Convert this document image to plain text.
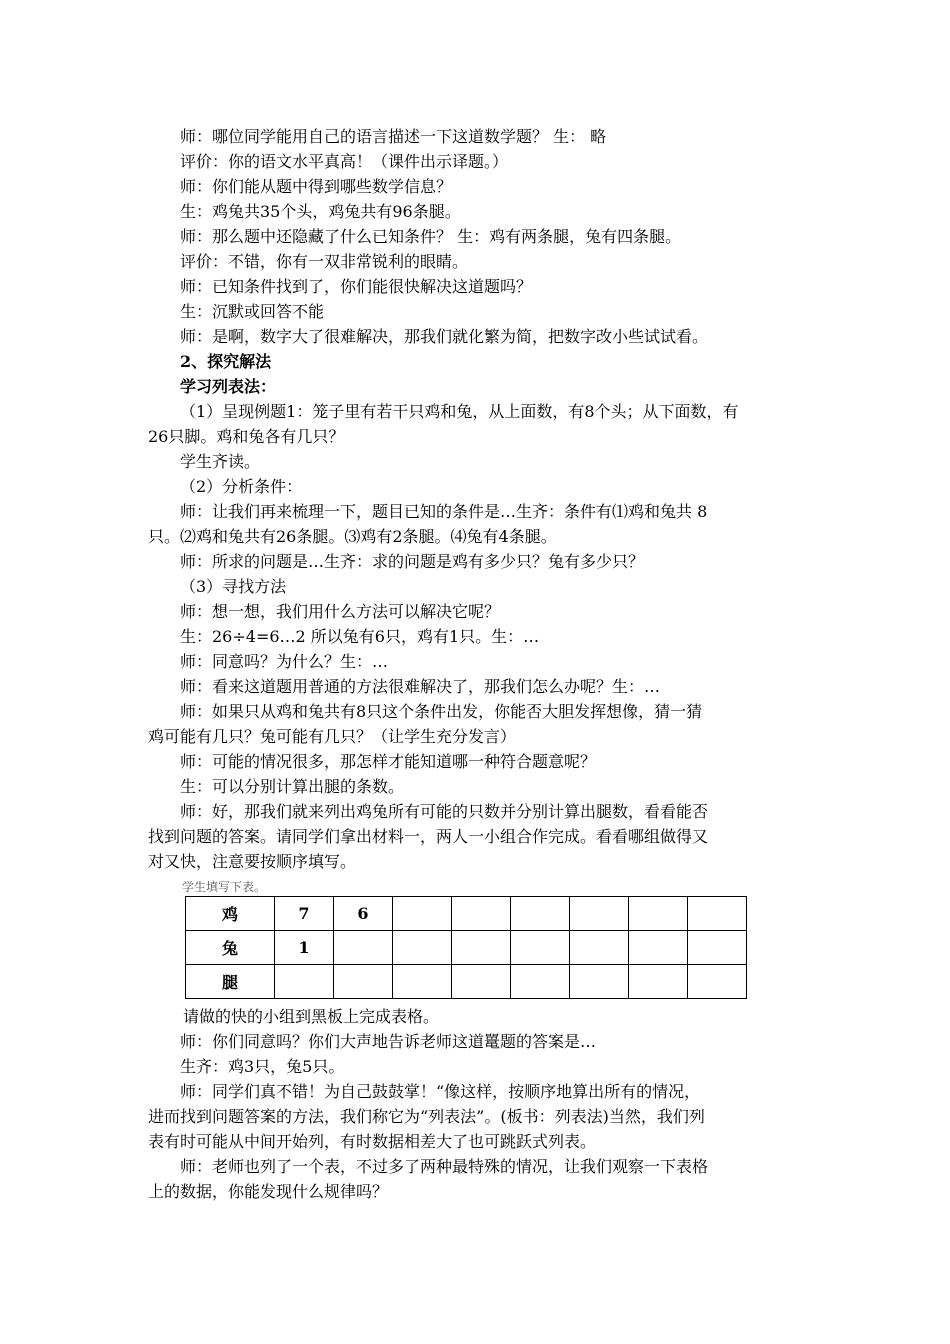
师：哪位同学能用自己的语言描述一下这道数学题？ 生： 略
评价：你的语文水平真高！（课件出示译题。）
师：你们能从题中得到哪些数学信息？
生：鸡兔共35个头，鸡兔共有96条腿。
师：那么题中还隐藏了什么已知条件？ 生：鸡有两条腿，兔有四条腿。
评价：不错，你有一双非常锐利的眼睛。
师：已知条件找到了，你们能很快解决这道题吗？
生：沉默或回答不能
师：是啊，数字大了很难解决，那我们就化繁为简，把数字改小些试试看。
2、探究解法
学习列表法：
（1）呈现例题1：笼子里有若干只鸡和兔，从上面数，有8个头；从下面数，有
26只脚。鸡和兔各有几只？
学生齐读。
（2）分析条件：
师：让我们再来梳理一下，题目已知的条件是…生齐：条件有⑴鸡和兔共 8
只。⑵鸡和兔共有26条腿。⑶鸡有2条腿。⑷兔有4条腿。
师：所求的问题是…生齐：求的问题是鸡有多少只？兔有多少只？
（3）寻找方法
师：想一想，我们用什么方法可以解决它呢？
生：26÷4=6…2 所以兔有6只，鸡有1只。生：…
师：同意吗？为什么？生：…
师：看来这道题用普通的方法很难解决了，那我们怎么办呢？生：…
师：如果只从鸡和兔共有8只这个条件出发，你能否大胆发挥想像，猜一猜
鸡可能有几只？兔可能有几只？（让学生充分发言）
师：可能的情况很多，那怎样才能知道哪一种符合题意呢？
生：可以分别计算出腿的条数。
师：好，那我们就来列出鸡兔所有可能的只数并分别计算出腿数，看看能否
找到问题的答案。请同学们拿出材料一，两人一小组合作完成。看看哪组做得又
对又快，注意要按顺序填写。
学生填写下表。
鸡	7	6						
兔	1							
腿								
请做的快的小组到黑板上完成表格。
师：你们同意吗？你们大声地告诉老师这道鼍题的答案是…
生齐：鸡3只，兔5只。
师：同学们真不错！为自己鼓鼓掌！“像这样，按顺序地算出所有的情况，
进而找到问题答案的方法，我们称它为“列表法”。(板书：列表法)当然，我们列
表有时可能从中间开始列，有时数据相差大了也可跳跃式列表。
师：老师也列了一个表，不过多了两种最特殊的情况，让我们观察一下表格
上的数据，你能发现什么规律吗？
